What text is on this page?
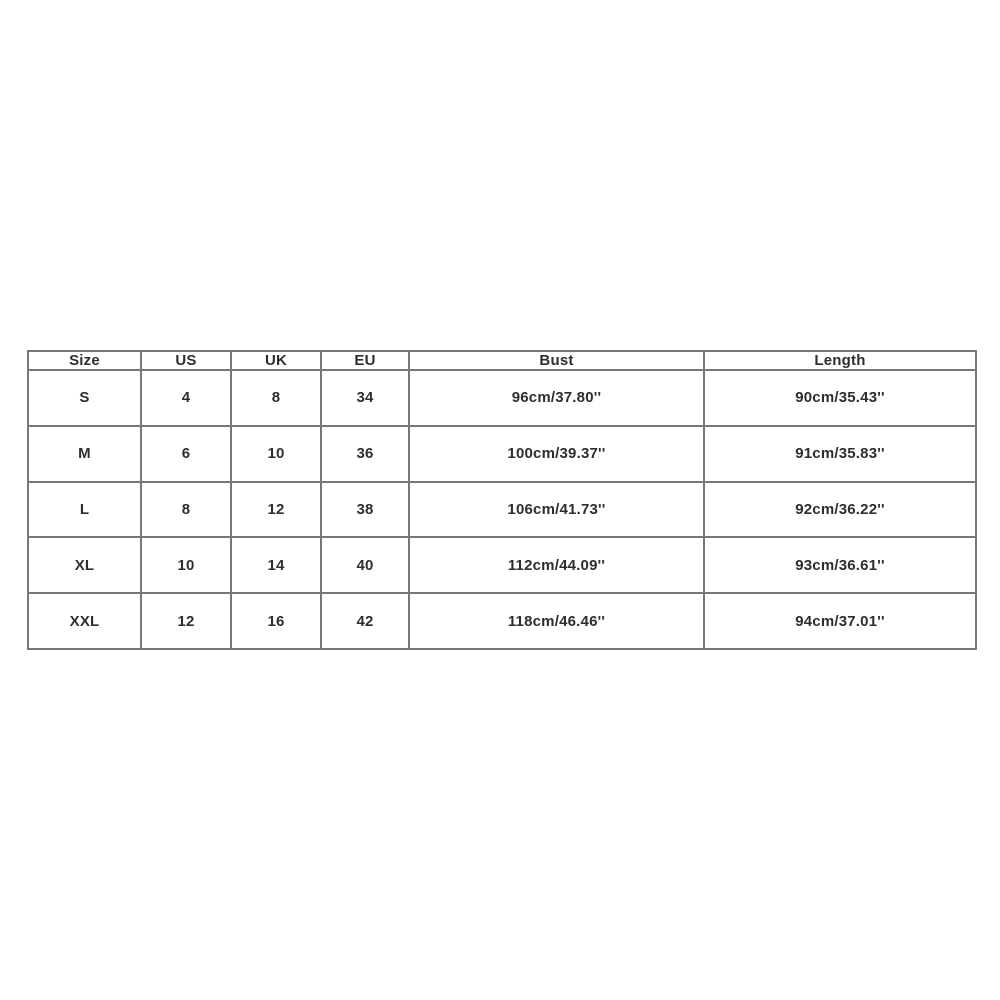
Size	US	UK	EU	Bust	Length
S	4	8	34	96cm/37.80''	90cm/35.43''
M	6	10	36	100cm/39.37''	91cm/35.83''
L	8	12	38	106cm/41.73''	92cm/36.22''
XL	10	14	40	112cm/44.09''	93cm/36.61''
XXL	12	16	42	118cm/46.46''	94cm/37.01''
